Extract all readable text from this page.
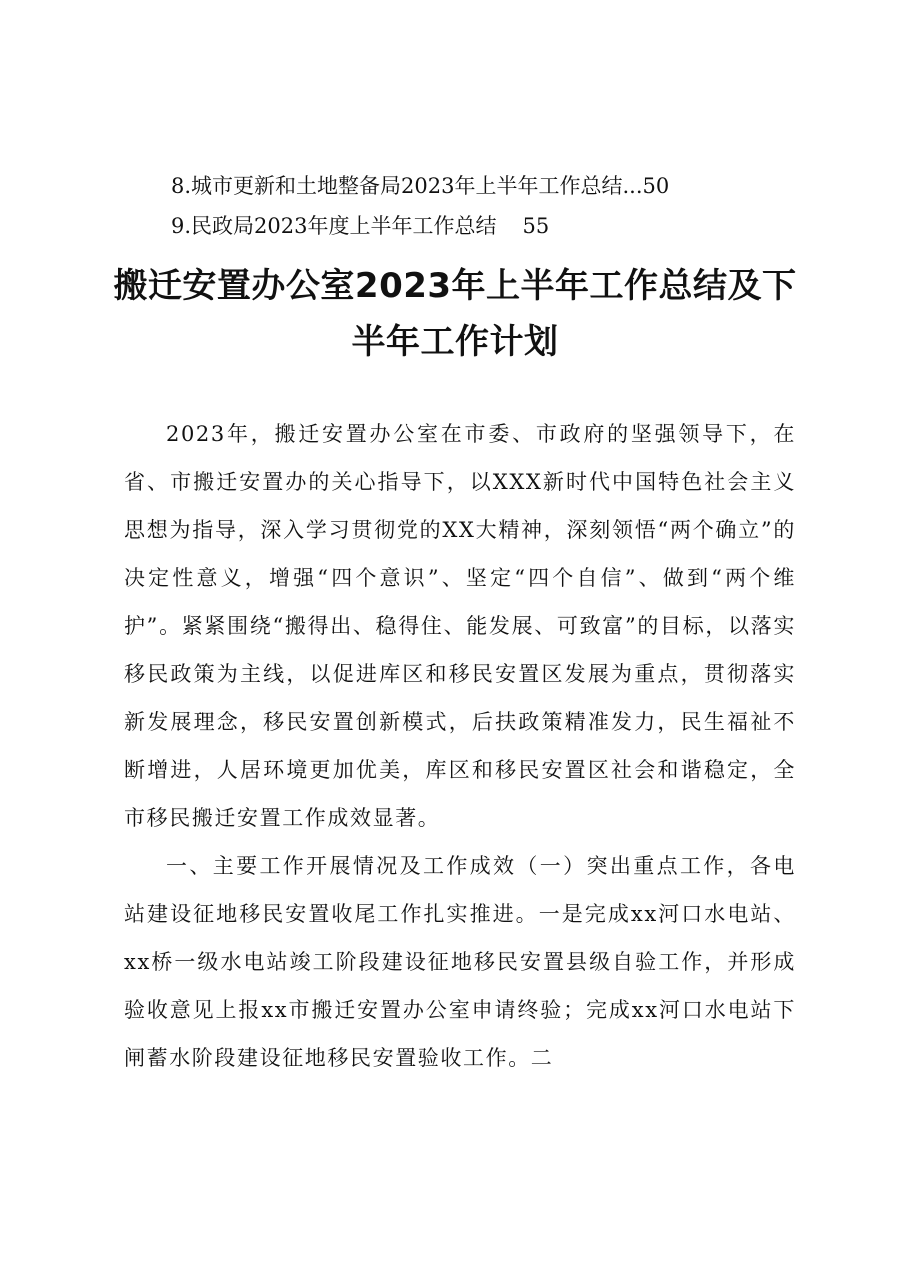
8.城市更新和土地整备局2023年上半年工作总结...50
9.民政局2023年度上半年工作总结 55
搬迁安置办公室2023年上半年工作总结及下半年工作计划

2023年，搬迁安置办公室在市委、市政府的坚强领导下，在省、市搬迁安置办的关心指导下，以XXX新时代中国特色社会主义思想为指导，深入学习贯彻党的XX大精神，深刻领悟“两个确立”的决定性意义，增强“四个意识”、坚定“四个自信”、做到“两个维护”。紧紧围绕“搬得出、稳得住、能发展、可致富”的目标，以落实移民政策为主线，以促进库区和移民安置区发展为重点，贯彻落实新发展理念，移民安置创新模式，后扶政策精准发力，民生福祉不断增进，人居环境更加优美，库区和移民安置区社会和谐稳定，全市移民搬迁安置工作成效显著。

一、主要工作开展情况及工作成效（一）突出重点工作，各电站建设征地移民安置收尾工作扎实推进。一是完成xx河口水电站、xx桥一级水电站竣工阶段建设征地移民安置县级自验工作，并形成验收意见上报xx市搬迁安置办公室申请终验；完成xx河口水电站下闸蓄水阶段建设征地移民安置验收工作。二
